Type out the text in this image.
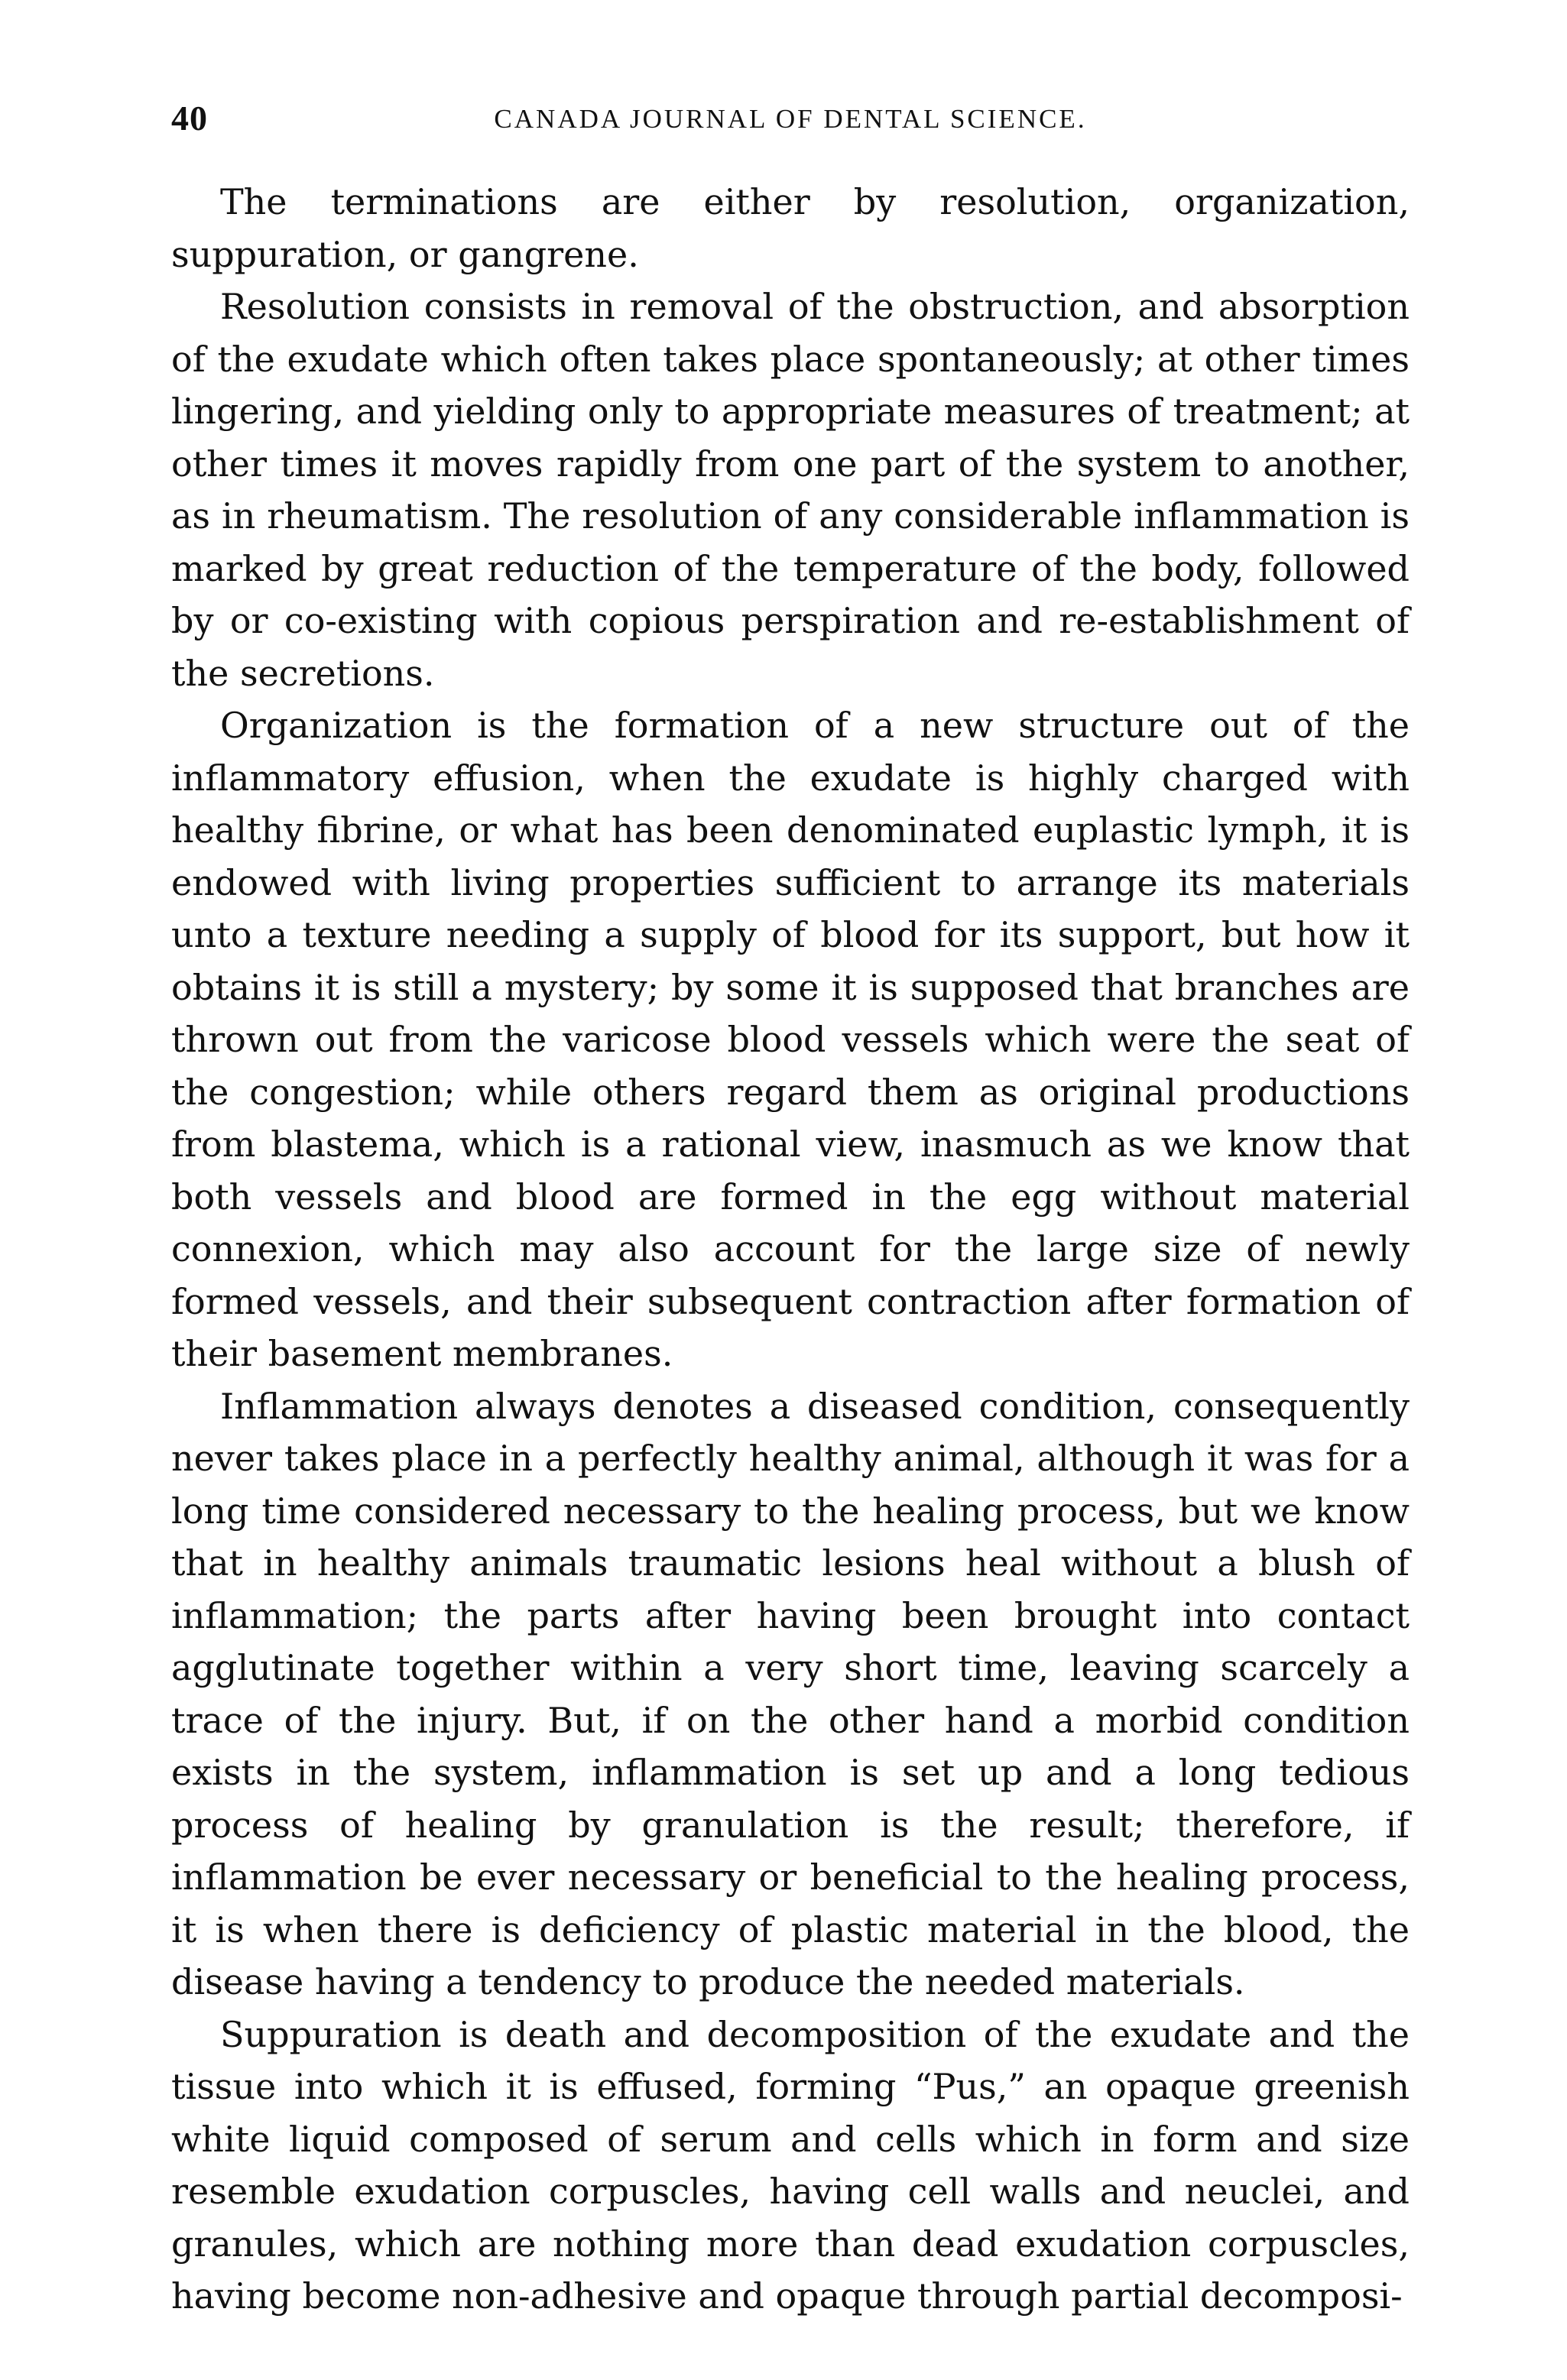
40	CANADA JOURNAL OF DENTAL SCIENCE.

The terminations are either by resolution, organization, suppuration, or gangrene.

Resolution consists in removal of the obstruction, and absorption of the exudate which often takes place spontaneously; at other times lingering, and yielding only to appropriate measures of treatment; at other times it moves rapidly from one part of the system to another, as in rheumatism. The resolution of any considerable inflammation is marked by great reduction of the temperature of the body, followed by or co-existing with copious perspiration and re-establishment of the secretions.

Organization is the formation of a new structure out of the inflammatory effusion, when the exudate is highly charged with healthy fibrine, or what has been denominated euplastic lymph, it is endowed with living properties sufficient to arrange its materials unto a texture needing a supply of blood for its support, but how it obtains it is still a mystery; by some it is supposed that branches are thrown out from the varicose blood vessels which were the seat of the congestion; while others regard them as original productions from blastema, which is a rational view, inasmuch as we know that both vessels and blood are formed in the egg without material connexion, which may also account for the large size of newly formed vessels, and their subsequent contraction after formation of their basement membranes.

Inflammation always denotes a diseased condition, consequently never takes place in a perfectly healthy animal, although it was for a long time considered necessary to the healing process, but we know that in healthy animals traumatic lesions heal without a blush of inflammation; the parts after having been brought into contact agglutinate together within a very short time, leaving scarcely a trace of the injury. But, if on the other hand a morbid condition exists in the system, inflammation is set up and a long tedious process of healing by granulation is the result; therefore, if inflammation be ever necessary or beneficial to the healing process, it is when there is deficiency of plastic material in the blood, the disease having a tendency to produce the needed materials.

Suppuration is death and decomposition of the exudate and the tissue into which it is effused, forming “Pus,” an opaque greenish white liquid composed of serum and cells which in form and size resemble exudation corpuscles, having cell walls and neuclei, and granules, which are nothing more than dead exudation corpuscles, having become non-adhesive and opaque through partial decomposi-
